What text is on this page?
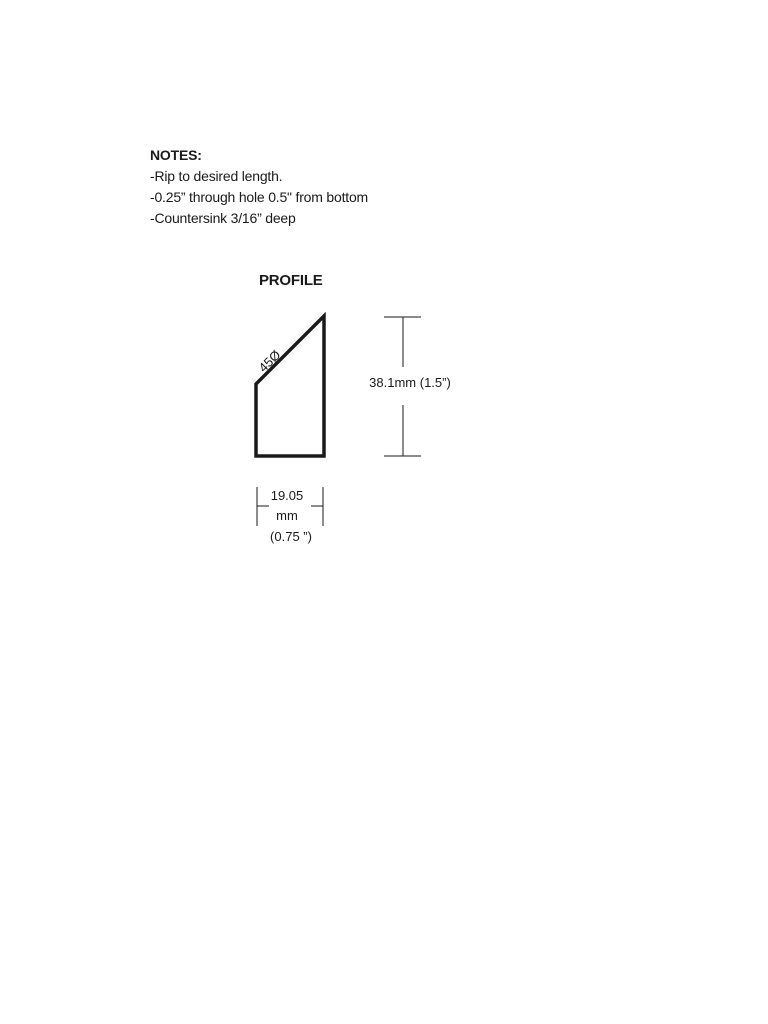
NOTES:
-Rip to desired length.
-0.25” through hole 0.5" from bottom
-Countersink 3/16” deep
PROFILE
45Ø
38.1mm (1.5”)
19.05
mm
(0.75 ”)
